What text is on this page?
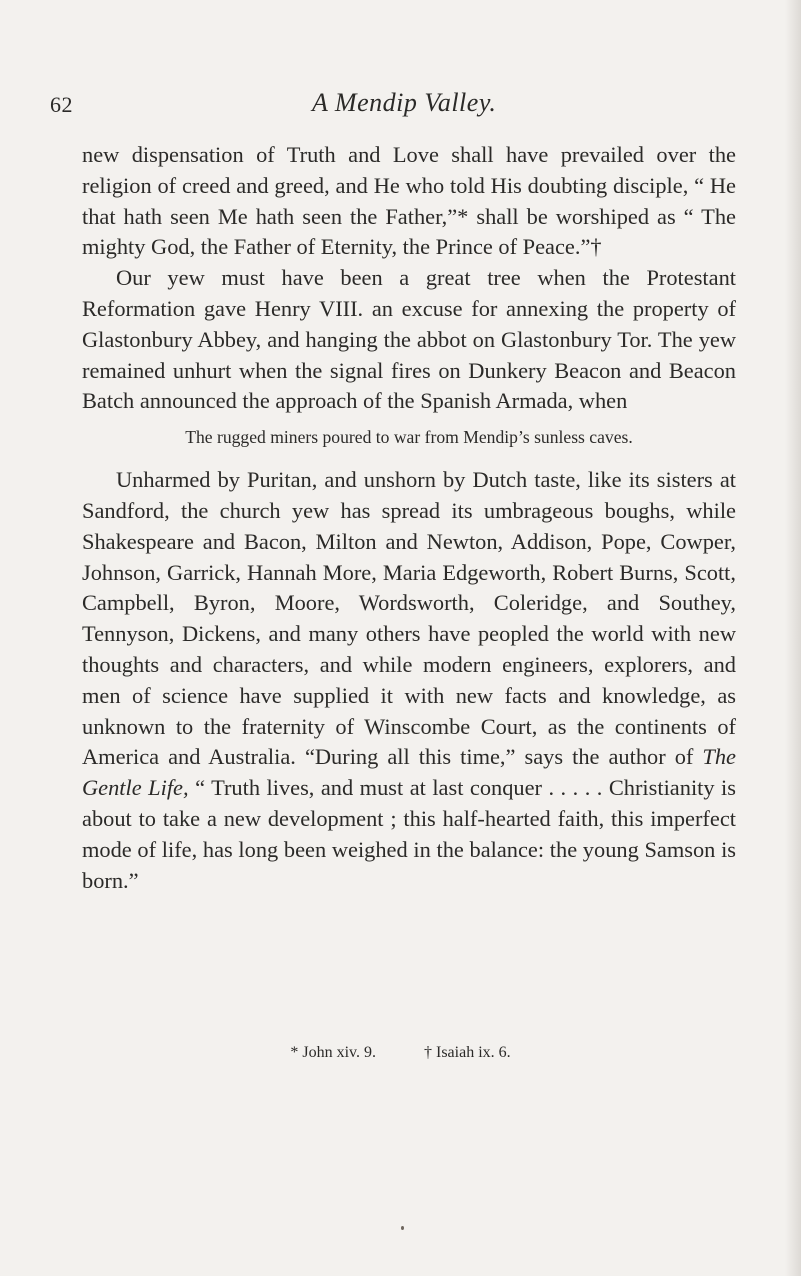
62	A Mendip Valley.

new dispensation of Truth and Love shall have prevailed over the religion of creed and greed, and He who told His doubting disciple, “ He that hath seen Me hath seen the Father,”* shall be worshiped as “ The mighty God, the Father of Eternity, the Prince of Peace.”†

Our yew must have been a great tree when the Protestant Reformation gave Henry VIII. an excuse for annexing the property of Glastonbury Abbey, and hanging the abbot on Glastonbury Tor. The yew remained unhurt when the signal fires on Dunkery Beacon and Beacon Batch announced the approach of the Spanish Armada, when

The rugged miners poured to war from Mendip’s sunless caves.

Unharmed by Puritan, and unshorn by Dutch taste, like its sisters at Sandford, the church yew has spread its umbrageous boughs, while Shakespeare and Bacon, Milton and Newton, Addison, Pope, Cowper, Johnson, Garrick, Hannah More, Maria Edgeworth, Robert Burns, Scott, Campbell, Byron, Moore, Wordsworth, Coleridge, and Southey, Tennyson, Dickens, and many others have peopled the world with new thoughts and characters, and while modern engineers, explorers, and men of science have supplied it with new facts and knowledge, as unknown to the fraternity of Winscombe Court, as the continents of America and Australia. “During all this time,” says the author of The Gentle Life, “ Truth lives, and must at last conquer . . . . . Christianity is about to take a new development ; this half-hearted faith, this imperfect mode of life, has long been weighed in the balance: the young Samson is born.”

* John xiv. 9.	† Isaiah ix. 6.
